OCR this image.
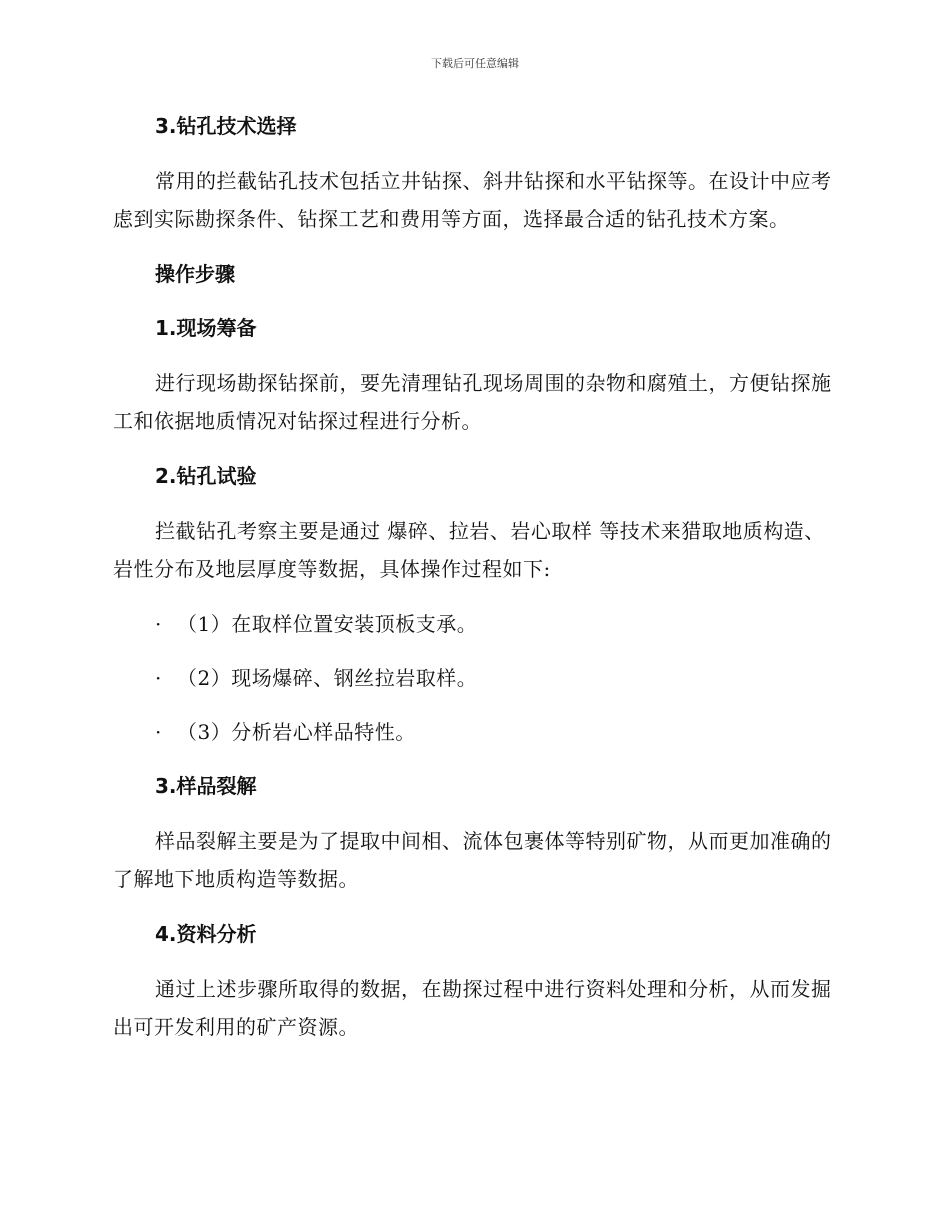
下载后可任意编辑
3.钻孔技术选择
常用的拦截钻孔技术包括立井钻探、斜井钻探和水平钻探等。在设计中应考虑到实际勘探条件、钻探工艺和费用等方面，选择最合适的钻孔技术方案。
操作步骤
1.现场筹备
进行现场勘探钻探前，要先清理钻孔现场周围的杂物和腐殖土，方便钻探施工和依据地质情况对钻探过程进行分析。
2.钻孔试验
拦截钻孔考察主要是通过 爆碎、拉岩、岩心取样 等技术来猎取地质构造、岩性分布及地层厚度等数据，具体操作过程如下:
· （1）在取样位置安装顶板支承。
· （2）现场爆碎、钢丝拉岩取样。
· （3）分析岩心样品特性。
3.样品裂解
样品裂解主要是为了提取中间相、流体包裹体等特别矿物，从而更加准确的了解地下地质构造等数据。
4.资料分析
通过上述步骤所取得的数据，在勘探过程中进行资料处理和分析，从而发掘出可开发利用的矿产资源。
